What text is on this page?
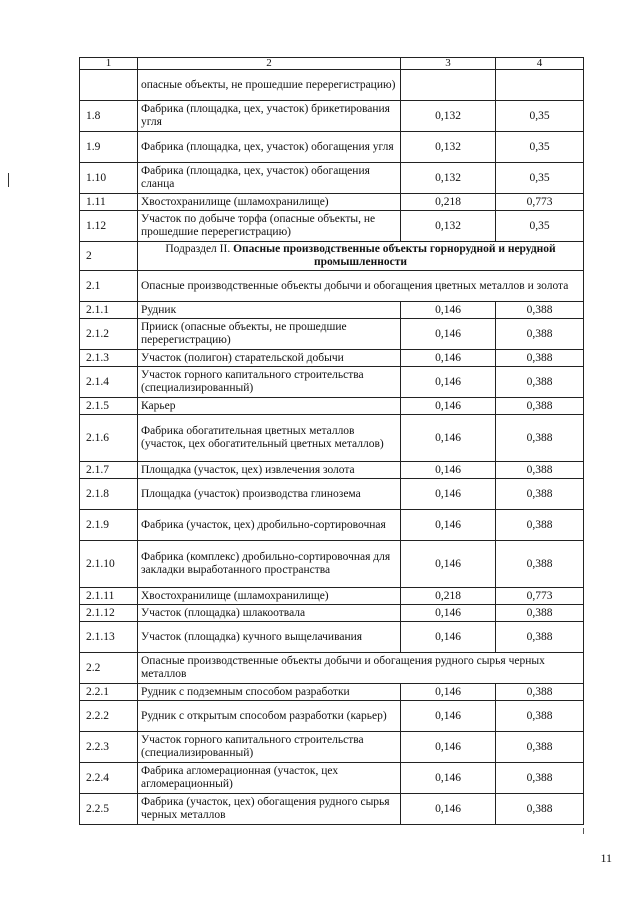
1	2	3	4
	опасные объекты, не прошедшие перерегистрацию)		
1.8	Фабрика (площадка, цех, участок) брикетирования угля	0,132	0,35
1.9	Фабрика (площадка, цех, участок) обогащения угля	0,132	0,35
1.10	Фабрика (площадка, цех, участок) обогащения сланца	0,132	0,35
1.11	Хвостохранилище (шламохранилище)	0,218	0,773
1.12	Участок по добыче торфа (опасные объекты, не прошедшие перерегистрацию)	0,132	0,35
2	Подраздел II. Опасные производственные объекты горнорудной и нерудной промышленности		

2.1	Опасные производственные объекты добычи и обогащения цветных металлов и золота		
2.1.1	Рудник	0,146	0,388
2.1.2	Прииск (опасные объекты, не прошедшие перерегистрацию)	0,146	0,388
2.1.3	Участок (полигон) старательской добычи	0,146	0,388
2.1.4	Участок горного капитального строительства (специализированный)	0,146	0,388
2.1.5	Карьер	0,146	0,388
2.1.6	Фабрика обогатительная цветных металлов (участок, цех обогатительный цветных металлов)	0,146	0,388
2.1.7	Площадка (участок, цех) извлечения золота	0,146	0,388
2.1.8	Площадка (участок) производства глинозема	0,146	0,388
2.1.9	Фабрика (участок, цех) дробильно-сортировочная	0,146	0,388
2.1.10	Фабрика (комплекс) дробильно-сортировочная для закладки выработанного пространства	0,146	0,388
2.1.11	Хвостохранилище (шламохранилище)	0,218	0,773
2.1.12	Участок (площадка) шлакоотвала	0,146	0,388
2.1.13	Участок (площадка) кучного выщелачивания	0,146	0,388
2.2	Опасные производственные объекты добычи и обогащения рудного сырья черных металлов		
2.2.1	Рудник с подземным способом разработки	0,146	0,388
2.2.2	Рудник с открытым способом разработки (карьер)	0,146	0,388
2.2.3	Участок горного капитального строительства (специализированный)	0,146	0,388
2.2.4	Фабрика агломерационная (участок, цех агломерационный)	0,146	0,388
2.2.5	Фабрика (участок, цех) обогащения рудного сырья черных металлов	0,146	0,388
11
